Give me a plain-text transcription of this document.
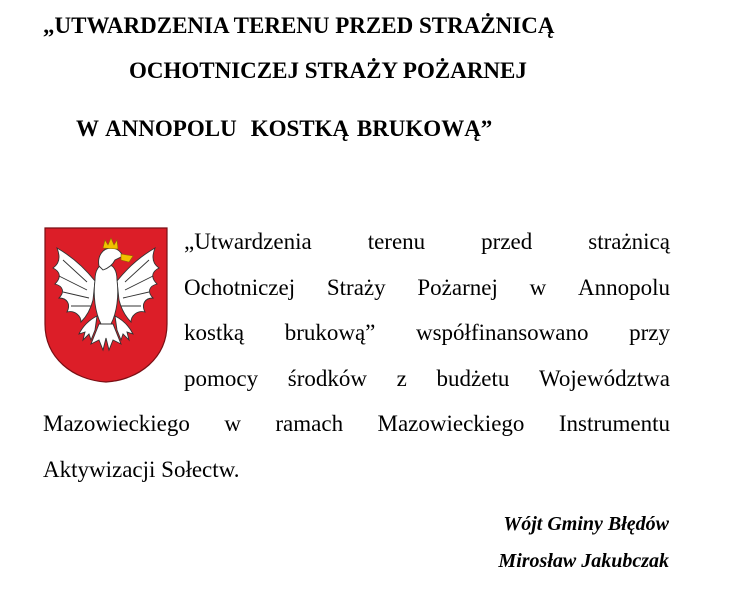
„UTWARDZENIA TERENU PRZED STRAŻNICĄ
OCHOTNICZEJ STRAŻY POŻARNEJ
W ANNOPOLU KOSTKĄ BRUKOWĄ”
„Utwardzenia terenu przed strażnicą
Ochotniczej Straży Pożarnej w Annopolu
kostką brukową” współfinansowano przy
pomocy środków z budżetu Województwa
Mazowieckiego w ramach Mazowieckiego Instrumentu
Aktywizacji Sołectw.
Wójt Gminy Błędów
Mirosław Jakubczak
